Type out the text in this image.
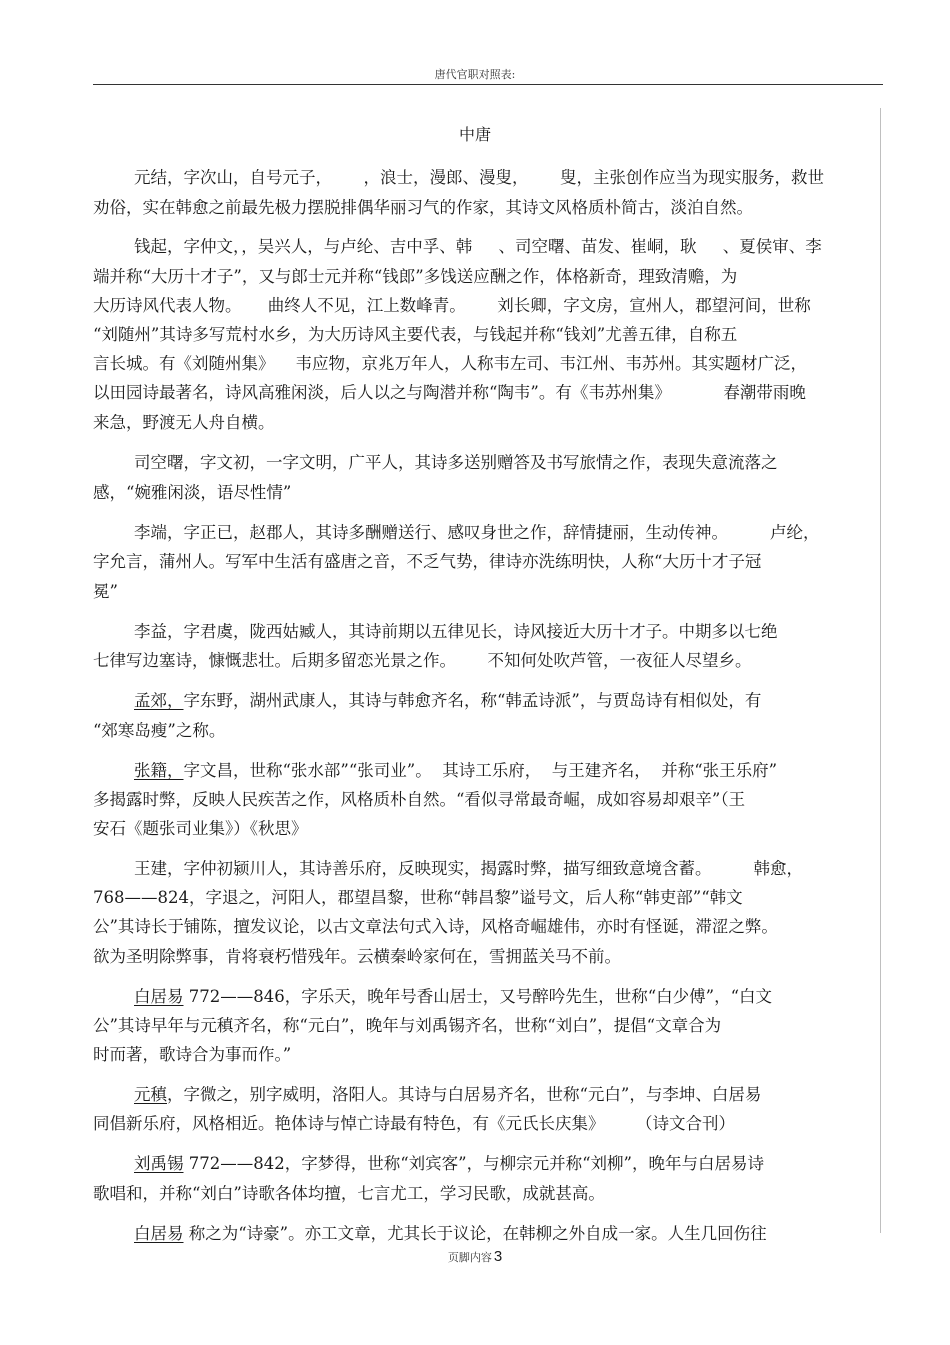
唐代官职对照表:
中唐
元结，字次山，自号元子，      ，浪士，漫郎、漫叟，      叟，主张创作应当为现实服务，救世
劝俗，实在韩愈之前最先极力摆脱排偶华丽习气的作家，其诗文风格质朴简古，淡泊自然。
钱起，字仲文，，吴兴人，与卢纶、吉中孚、韩     、司空曙、苗发、崔峒，耿     、夏侯审、李
端并称“大历十才子”，又与郎士元并称“钱郎”多饯送应酬之作，体格新奇，理致清赡，为
大历诗风代表人物。     曲终人不见，江上数峰青。      刘长卿，字文房，宣州人，郡望河间，世称
“刘随州”其诗多写荒村水乡，为大历诗风主要代表，与钱起并称“钱刘”尤善五律，自称五
言长城。有《刘随州集》    韦应物，京兆万年人，人称韦左司、韦江州、韦苏州。其实题材广泛，
以田园诗最著名，诗风高雅闲淡，后人以之与陶潜并称“陶韦”。有《韦苏州集》          春潮带雨晚
来急，野渡无人舟自横。
司空曙，字文初，一字文明，广平人，其诗多送别赠答及书写旅情之作，表现失意流落之
感，“婉雅闲淡，语尽性情”
李端，字正已，赵郡人，其诗多酬赠送行、感叹身世之作，辞情捷丽，生动传神。        卢纶，
字允言，蒲州人。写军中生活有盛唐之音，不乏气势，律诗亦洗练明快，人称“大历十才子冠
冕”
李益，字君虞，陇西姑臧人，其诗前期以五律见长，诗风接近大历十才子。中期多以七绝
七律写边塞诗，慷慨悲壮。后期多留恋光景之作。      不知何处吹芦管，一夜征人尽望乡。
孟郊，字东野，湖州武康人，其诗与韩愈齐名，称“韩孟诗派”，与贾岛诗有相似处，有
“郊寒岛瘦”之称。
张籍，字文昌，世称“张水部”“张司业”。  其诗工乐府，  与王建齐名，  并称“张王乐府”
多揭露时弊，反映人民疾苦之作，风格质朴自然。“看似寻常最奇崛，成如容易却艰辛”（王
安石《题张司业集》）《秋思》
王建，字仲初颍川人，其诗善乐府，反映现实，揭露时弊，描写细致意境含蓄。        韩愈，
768——824，字退之，河阳人，郡望昌黎，世称“韩昌黎”谥号文，后人称“韩吏部”“韩文
公”其诗长于铺陈，擅发议论，以古文章法句式入诗，风格奇崛雄伟，亦时有怪诞，滞涩之弊。
欲为圣明除弊事，肯将衰朽惜残年。云横秦岭家何在，雪拥蓝关马不前。
白居易 772——846，字乐天，晚年号香山居士，又号醉吟先生，世称“白少傅”，“白文
公”其诗早年与元稹齐名，称“元白”，晚年与刘禹锡齐名，世称“刘白”，提倡“文章合为
时而著，歌诗合为事而作。”
元稹，字微之，别字威明，洛阳人。其诗与白居易齐名，世称“元白”，与李坤、白居易
同倡新乐府，风格相近。艳体诗与悼亡诗最有特色，有《元氏长庆集》      （诗文合刊）
刘禹锡 772——842，字梦得，世称“刘宾客”，与柳宗元并称“刘柳”，晚年与白居易诗
歌唱和，并称“刘白”诗歌各体均擅，七言尤工，学习民歌，成就甚高。
白居易 称之为“诗豪”。亦工文章，尤其长于议论，在韩柳之外自成一家。人生几回伤往
页脚内容 3
